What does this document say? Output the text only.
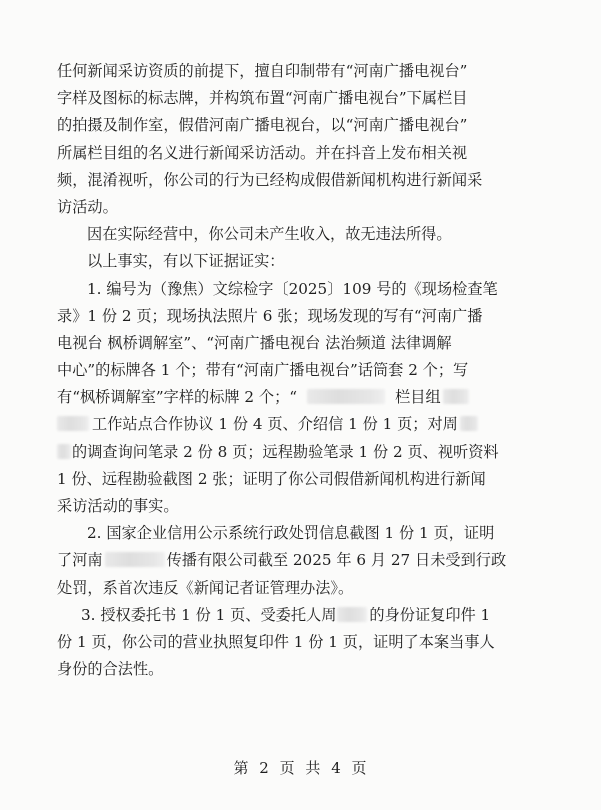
任何新闻采访资质的前提下，擅自印制带有“河南广播电视台”
字样及图标的标志牌，并构筑布置“河南广播电视台”下属栏目
的拍摄及制作室，假借河南广播电视台，以“河南广播电视台”
所属栏目组的名义进行新闻采访活动。并在抖音上发布相关视
频，混淆视听，你公司的行为已经构成假借新闻机构进行新闻采
访活动。
因在实际经营中，你公司未产生收入，故无违法所得。
以上事实，有以下证据证实：
1. 编号为（豫焦）文综检字〔2025〕109 号的《现场检查笔
录》1 份 2 页；现场执法照片 6 张；现场发现的写有“河南广播
电视台 枫桥调解室”、“河南广播电视台 法治频道 法律调解
中心”的标牌各 1 个；带有“河南广播电视台”话筒套 2 个；写
有“枫桥调解室”字样的标牌 2 个；“	栏目组
工作站点合作协议 1 份 4 页、介绍信 1 份 1 页；对周
的调查询问笔录 2 份 8 页；远程勘验笔录 1 份 2 页、视听资料
1 份、远程勘验截图 2 张；证明了你公司假借新闻机构进行新闻
采访活动的事实。
2. 国家企业信用公示系统行政处罚信息截图 1 份 1 页，证明
了河南	传播有限公司截至 2025 年 6 月 27 日未受到行政
处罚，系首次违反《新闻记者证管理办法》。
3. 授权委托书 1 份 1 页、受委托人周 的身份证复印件 1
份 1 页，你公司的营业执照复印件 1 份 1 页，证明了本案当事人
身份的合法性。
第 2 页 共 4 页
